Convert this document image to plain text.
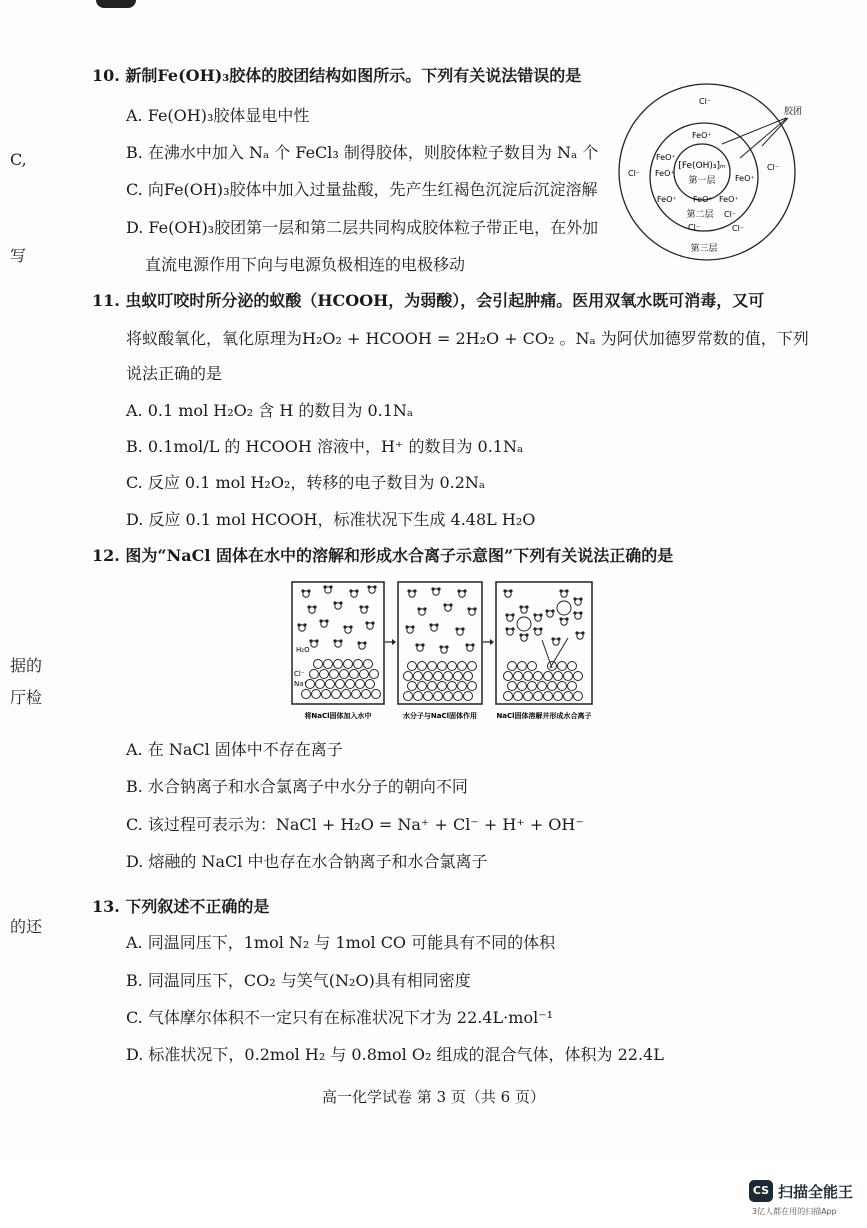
C,
写
据的
厅检
的还
10. 新制Fe(OH)₃胶体的胶团结构如图所示。下列有关说法错误的是
A. Fe(OH)₃胶体显电中性
B. 在沸水中加入 Nₐ 个 FeCl₃ 制得胶体，则胶体粒子数目为 Nₐ 个
C. 向Fe(OH)₃胶体中加入过量盐酸，先产生红褐色沉淀后沉淀溶解
D. Fe(OH)₃胶团第一层和第二层共同构成胶体粒子带正电，在外加
直流电源作用下向与电源负极相连的电极移动
[Fe(OH)₃]ₘ
第一层
第二层
第三层
FeO⁺
FeO⁺
FeO⁺
FeO⁺
FeO⁺ FeO⁺ FeO⁺
Cl⁻
Cl⁻
Cl⁻
Cl⁻
Cl⁻	Cl⁻
胶团
11. 虫蚁叮咬时所分泌的蚁酸（HCOOH，为弱酸），会引起肿痛。医用双氧水既可消毒，又可
将蚁酸氧化，氧化原理为H₂O₂ + HCOOH = 2H₂O + CO₂ 。Nₐ 为阿伏加德罗常数的值，下列
说法正确的是
A. 0.1 mol H₂O₂ 含 H 的数目为 0.1Nₐ
B. 0.1mol/L 的 HCOOH 溶液中，H⁺ 的数目为 0.1Nₐ
C. 反应 0.1 mol H₂O₂，转移的电子数目为 0.2Nₐ
D. 反应 0.1 mol HCOOH，标准状况下生成 4.48L H₂O
12. 图为“NaCl 固体在水中的溶解和形成水合离子示意图”下列有关说法正确的是
H₂O
Cl⁻
Na⁺
将NaCl固体加入水中	水分子与NaCl固体作用	NaCl固体溶解并形成水合离子
A. 在 NaCl 固体中不存在离子
B. 水合钠离子和水合氯离子中水分子的朝向不同
C. 该过程可表示为：NaCl + H₂O = Na⁺ + Cl⁻ + H⁺ + OH⁻
D. 熔融的 NaCl 中也存在水合钠离子和水合氯离子
13. 下列叙述不正确的是
A. 同温同压下，1mol N₂ 与 1mol CO 可能具有不同的体积
B. 同温同压下，CO₂ 与笑气(N₂O)具有相同密度
C. 气体摩尔体积不一定只有在标准状况下才为 22.4L·mol⁻¹
D. 标准状况下，0.2mol H₂ 与 0.8mol O₂ 组成的混合气体，体积为 22.4L
高一化学试卷 第 3 页（共 6 页）
CS 扫描全能王
3亿人都在用的扫描App
